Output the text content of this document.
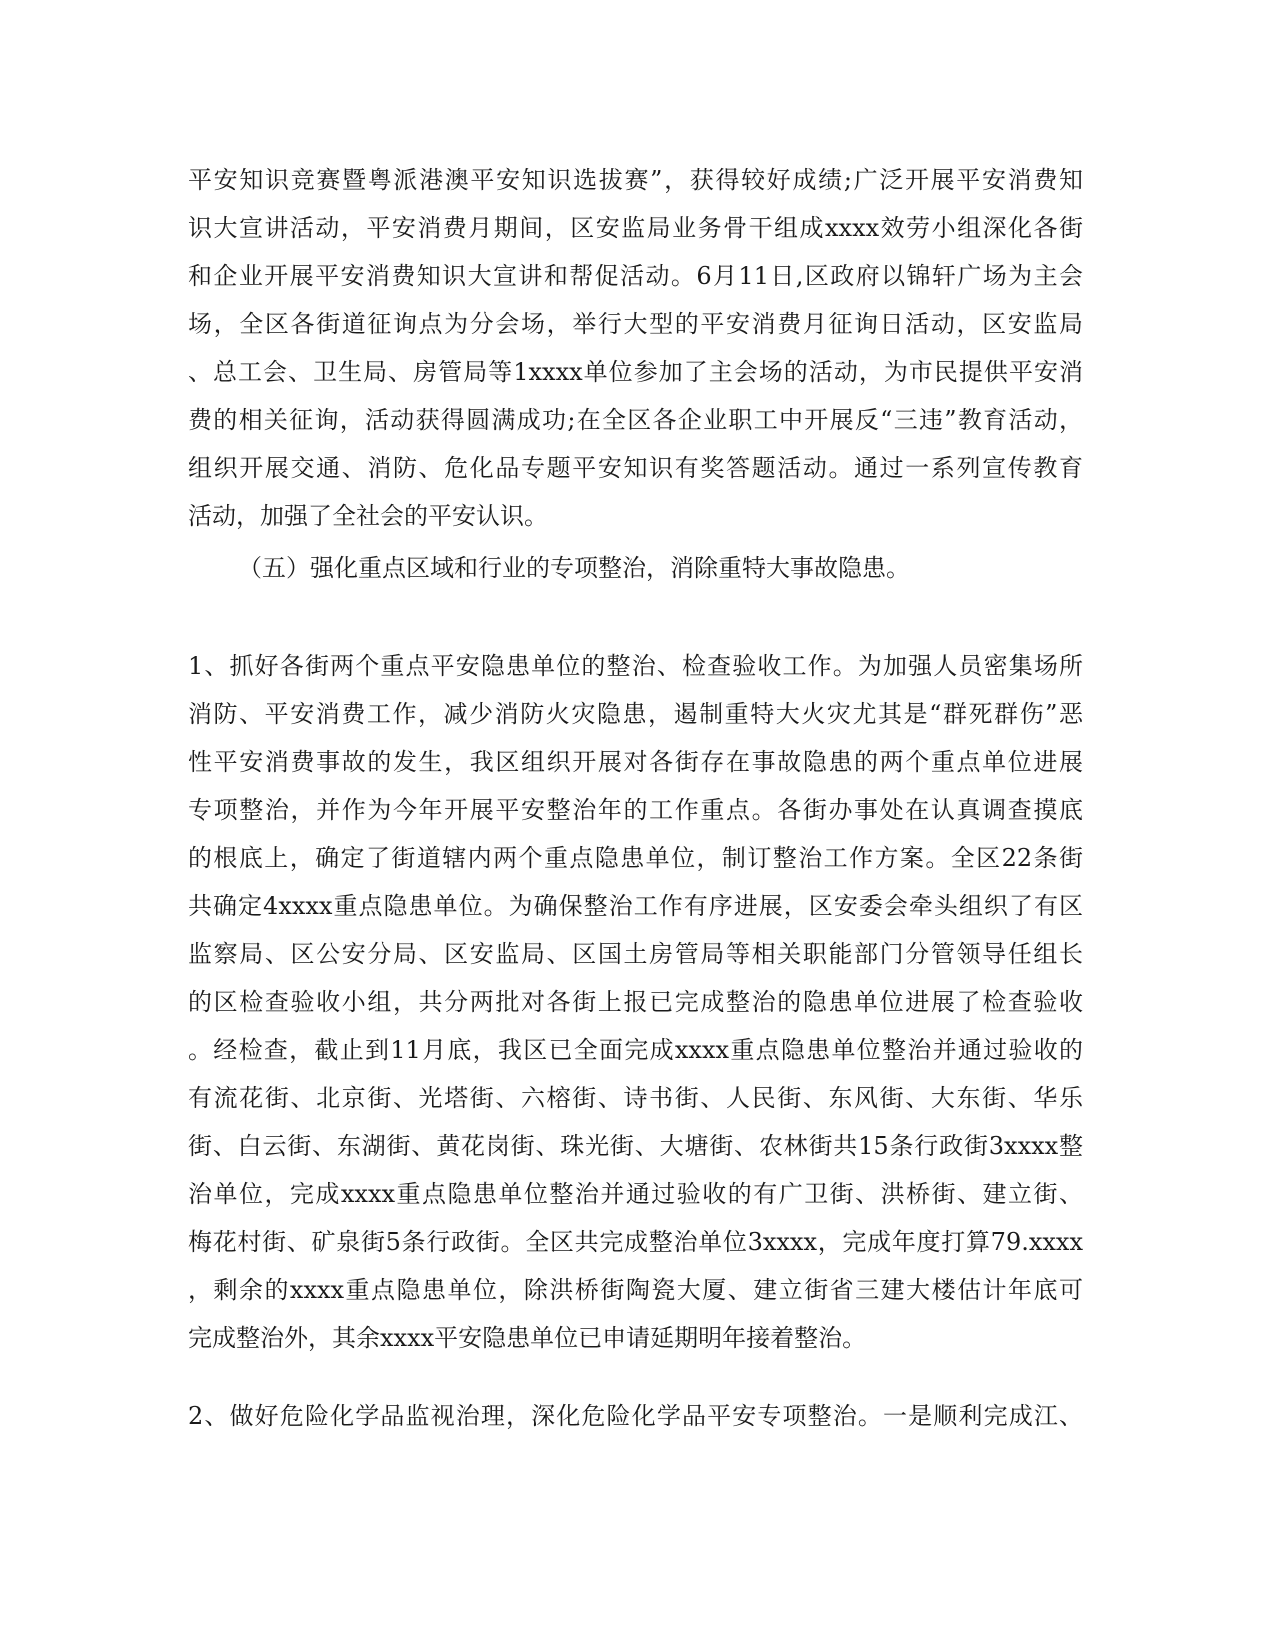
平安知识竞赛暨粤派港澳平安知识选拔赛”，获得较好成绩;广泛开展平安消费知
识大宣讲活动，平安消费月期间，区安监局业务骨干组成xxxx效劳小组深化各街
和企业开展平安消费知识大宣讲和帮促活动。6月11日,区政府以锦轩广场为主会
场，全区各街道征询点为分会场，举行大型的平安消费月征询日活动，区安监局
、总工会、卫生局、房管局等1xxxx单位参加了主会场的活动，为市民提供平安消
费的相关征询，活动获得圆满成功;在全区各企业职工中开展反“三违”教育活动，
组织开展交通、消防、危化品专题平安知识有奖答题活动。通过一系列宣传教育
活动，加强了全社会的平安认识。
（五）强化重点区域和行业的专项整治，消除重特大事故隐患。
1、抓好各街两个重点平安隐患单位的整治、检查验收工作。为加强人员密集场所
消防、平安消费工作，减少消防火灾隐患，遏制重特大火灾尤其是“群死群伤”恶
性平安消费事故的发生，我区组织开展对各街存在事故隐患的两个重点单位进展
专项整治，并作为今年开展平安整治年的工作重点。各街办事处在认真调查摸底
的根底上，确定了街道辖内两个重点隐患单位，制订整治工作方案。全区22条街
共确定4xxxx重点隐患单位。为确保整治工作有序进展，区安委会牵头组织了有区
监察局、区公安分局、区安监局、区国土房管局等相关职能部门分管领导任组长
的区检查验收小组，共分两批对各街上报已完成整治的隐患单位进展了检查验收
。经检查，截止到11月底，我区已全面完成xxxx重点隐患单位整治并通过验收的
有流花街、北京街、光塔街、六榕街、诗书街、人民街、东风街、大东街、华乐
街、白云街、东湖街、黄花岗街、珠光街、大塘街、农林街共15条行政街3xxxx整
治单位，完成xxxx重点隐患单位整治并通过验收的有广卫街、洪桥街、建立街、
梅花村街、矿泉街5条行政街。全区共完成整治单位3xxxx，完成年度打算79.xxxx
，剩余的xxxx重点隐患单位，除洪桥街陶瓷大厦、建立街省三建大楼估计年底可
完成整治外，其余xxxx平安隐患单位已申请延期明年接着整治。
2、做好危险化学品监视治理，深化危险化学品平安专项整治。一是顺利完成江、
